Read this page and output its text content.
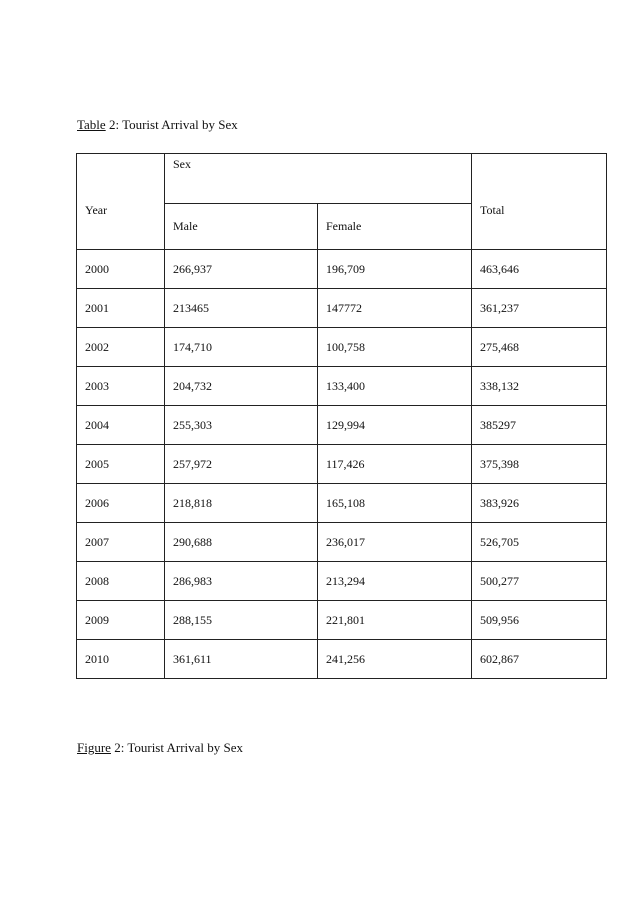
Table 2: Tourist Arrival by Sex
Year	Sex		Total
	Male	Female	
2000	266,937	196,709	463,646
2001	213465	147772	361,237
2002	174,710	100,758	275,468
2003	204,732	133,400	338,132
2004	255,303	129,994	385297
2005	257,972	117,426	375,398
2006	218,818	165,108	383,926
2007	290,688	236,017	526,705
2008	286,983	213,294	500,277
2009	288,155	221,801	509,956
2010	361,611	241,256	602,867
Figure 2: Tourist Arrival by Sex
